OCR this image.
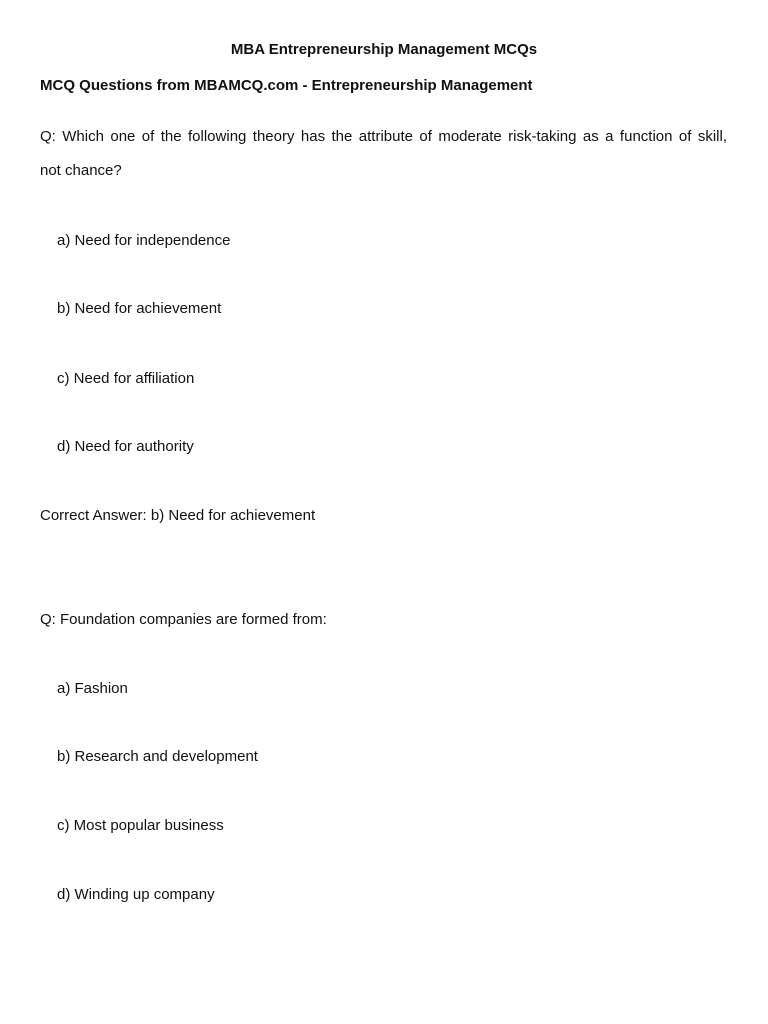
MBA Entrepreneurship Management MCQs
MCQ Questions from MBAMCQ.com - Entrepreneurship Management
Q: Which one of the following theory has the attribute of moderate risk-taking as a function of skill,
not chance?
a) Need for independence
b) Need for achievement
c) Need for affiliation
d) Need for authority
Correct Answer: b) Need for achievement
Q: Foundation companies are formed from:
a) Fashion
b) Research and development
c) Most popular business
d) Winding up company
